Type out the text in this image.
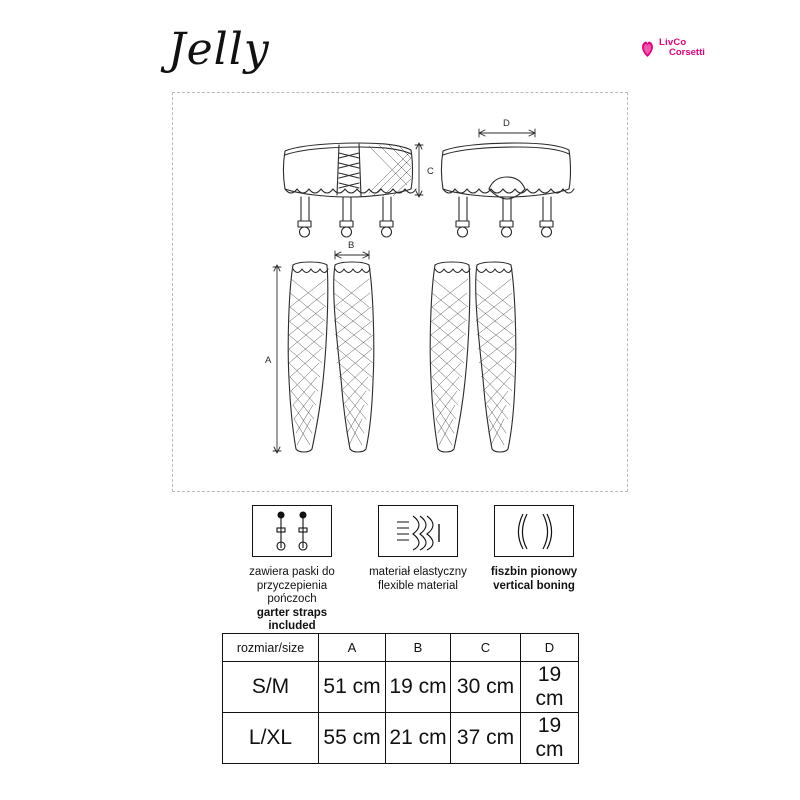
Jelly	LivCo
Corsetti
C
D
A
B
zawiera paski do
przyczepienia pończoch
garter straps included
materiał elastyczny
flexible material
fiszbin pionowy
vertical boning
rozmiar/size	A	B	C	D
S/M	51 cm	19 cm	30 cm	19 cm
L/XL	55 cm	21 cm	37 cm	19 cm
